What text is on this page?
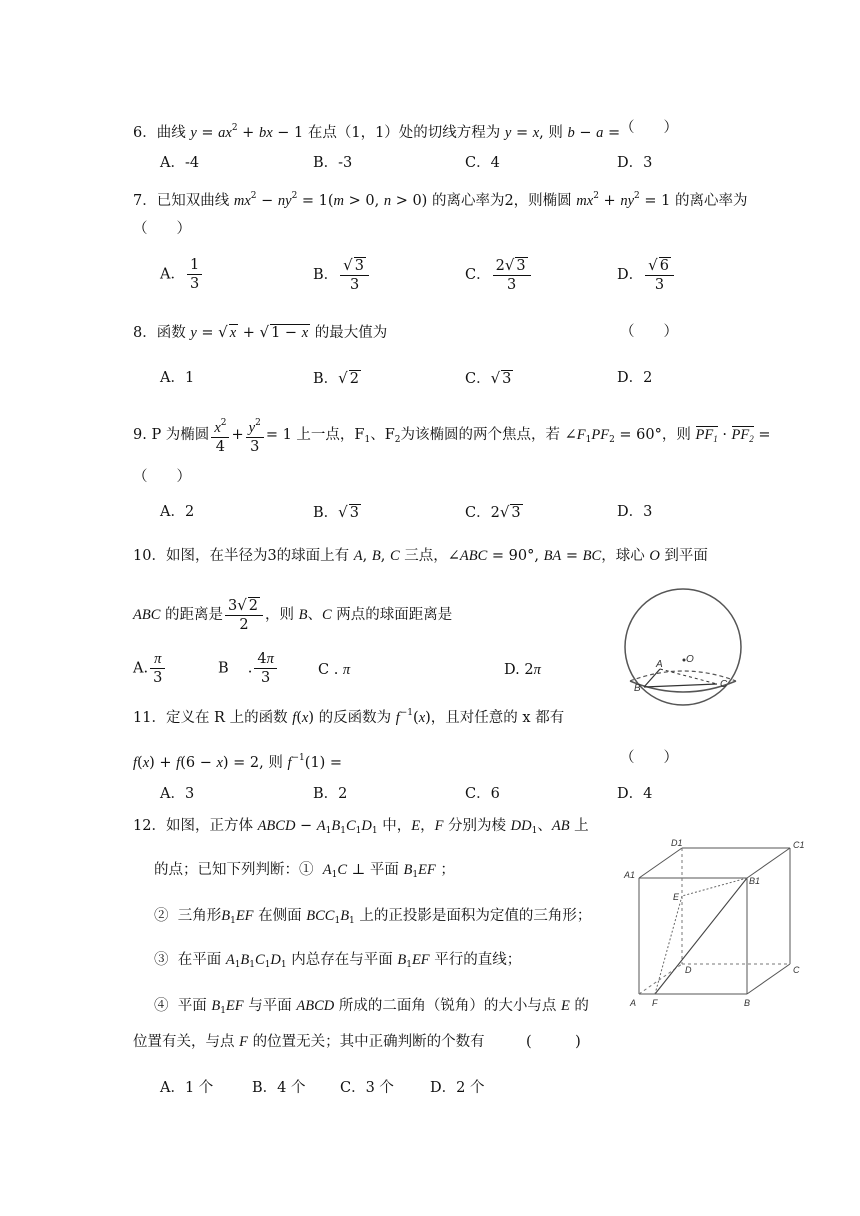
6．曲线 $y = ax^2$ + bx − 1 在点（1，1）处的切线方程为 y = x, 则 b − a = （　　）
A．-4	B．-3	C．4	D．3
7．已知双曲线 $mx^2 - ny^2 = 1(m > 0$, n > 0) 的离心率为2，则椭圆 $mx^2 + ny^2 = 1$ 的离心率为
（　　）
A． $\frac{1}{3}$	B． $\frac{√ 3}{3}$	C． $\frac{2√ 3}{3}$	D． $\frac{√ 6}{3}$
8．函数 y = √ x + √ 1 − x 的最大值为	（　　）
A．1	B．√ 2	C．√ 3	D．2
9. P 为椭圆 $\frac{x^2}{4} + \frac{y^2}{3} = 1$ 上一点，$F_1$、$F_2$为该椭圆的两个焦点，若 $\angle F_1PF_2 = 60^\circ$，则 $PF_1 \cdot PF_2$ =
（　　）
A．2	B．√ 3	C．2√ 3	D．3
10．如图，在半径为3的球面上有 A, B, C 三点，∠ABC = 90°, BA = BC，球心 O 到平面
ABC 的距离是 $\frac{3√ 2}{2}$ ，则 B、C 两点的球面距离是
A. $\frac{\pi}{3}$	B　 . $\frac{4\pi}{3}$	C . π	D. 2π	A O
B	C
11．定义在 R 上的函数 f(x) 的反函数为 $f^{-1}(x)$，且对任意的 x 都有
f(x) + f(6 − x) = 2, 则 $f^{-1}(1)$ =	（　　）
A．3	B．2	C．6	D．4
12．如图，正方体 ABCD − $A_1B_1C_1D_1$ 中，E，F 分别为棱 $DD_1$、AB 上
的点；已知下列判断：①  $A_1C$ ⊥ 平面 $B_1EF$ ；
②  三角形$B_1EF$ 在侧面 $BCC_1B_1$ 上的正投影是面积为定值的三角形；
③  在平面 $A_1B_1C_1D_1$ 内总存在与平面 $B_1EF$ 平行的直线；
④  平面 $B_1EF$ 与平面 ABCD 所成的二面角（锐角）的大小与点 E 的
位置有关，与点 F 的位置无关；其中正确判断的个数有	(　　　)
A．1 个	B．4 个 C．3 个 D．2 个
D1	C1
A1
B1
E
D	C
A F	B
